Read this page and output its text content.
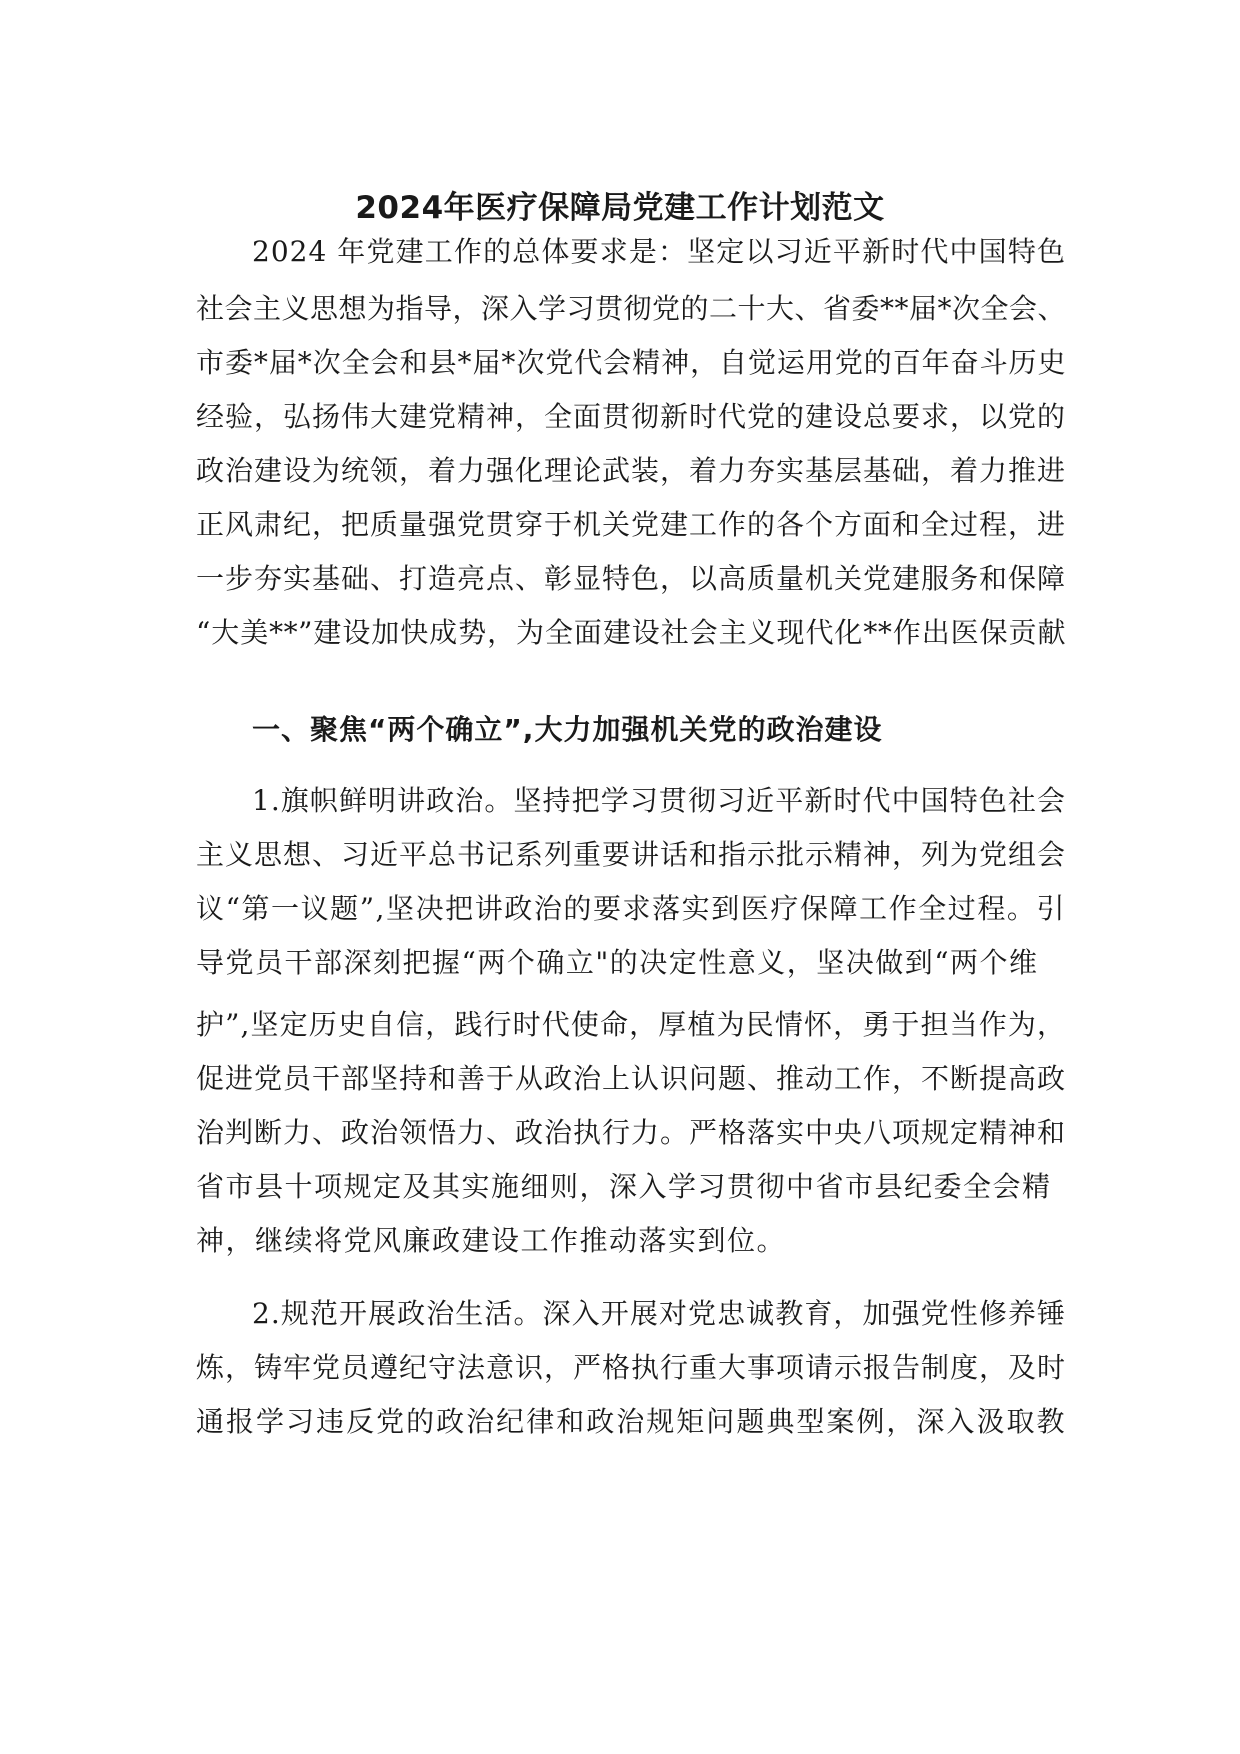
2024年医疗保障局党建工作计划范文

2024 年党建工作的总体要求是：坚定以习近平新时代中国特色

社会主义思想为指导，深入学习贯彻党的二十大、省委**届*次全会、

市委*届*次全会和县*届*次党代会精神，自觉运用党的百年奋斗历史

经验，弘扬伟大建党精神，全面贯彻新时代党的建设总要求，以党的

政治建设为统领，着力强化理论武装，着力夯实基层基础，着力推进

正风肃纪，把质量强党贯穿于机关党建工作的各个方面和全过程，进

一步夯实基础、打造亮点、彰显特色，以高质量机关党建服务和保障

“大美**”建设加快成势，为全面建设社会主义现代化**作出医保贡献

一、聚焦“两个确立”,大力加强机关党的政治建设

1.旗帜鲜明讲政治。坚持把学习贯彻习近平新时代中国特色社会

主义思想、习近平总书记系列重要讲话和指示批示精神，列为党组会

议“第一议题”,坚决把讲政治的要求落实到医疗保障工作全过程。引

导党员干部深刻把握“两个确立"的决定性意义，坚决做到“两个维

护”,坚定历史自信，践行时代使命，厚植为民情怀，勇于担当作为，

促进党员干部坚持和善于从政治上认识问题、推动工作，不断提高政

治判断力、政治领悟力、政治执行力。严格落实中央八项规定精神和

省市县十项规定及其实施细则，深入学习贯彻中省市县纪委全会精

神，继续将党风廉政建设工作推动落实到位。

2.规范开展政治生活。深入开展对党忠诚教育，加强党性修养锤

炼，铸牢党员遵纪守法意识，严格执行重大事项请示报告制度，及时

通报学习违反党的政治纪律和政治规矩问题典型案例，深入汲取教
